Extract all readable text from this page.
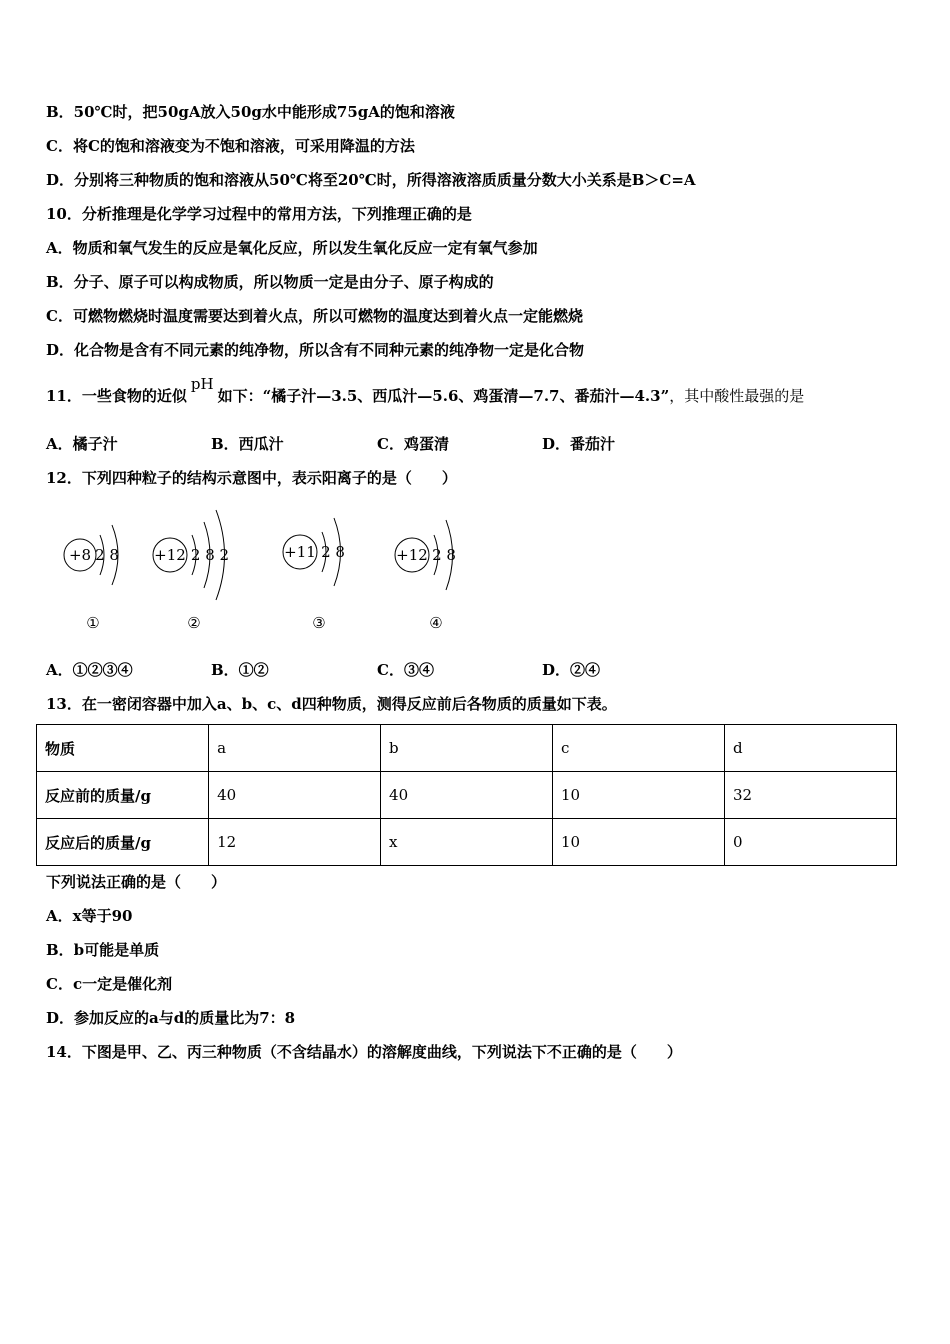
B．50℃时，把50gA放入50g水中能形成75gA的饱和溶液
C．将C的饱和溶液变为不饱和溶液，可采用降温的方法
D．分别将三种物质的饱和溶液从50℃将至20℃时，所得溶液溶质质量分数大小关系是B＞C=A
10．分析推理是化学学习过程中的常用方法，下列推理正确的是
A．物质和氧气发生的反应是氧化反应，所以发生氧化反应一定有氧气参加
B．分子、原子可以构成物质，所以物质一定是由分子、原子构成的
C．可燃物燃烧时温度需要达到着火点，所以可燃物的温度达到着火点一定能燃烧
D．化合物是含有不同元素的纯净物，所以含有不同种元素的纯净物一定是化合物
11．一些食物的近似pH如下：“橘子汁—3.5、西瓜汁—5.6、鸡蛋清—7.7、番茄汁—4.3”，其中酸性最强的是
A．橘子汁	B．西瓜汁	C．鸡蛋清	D．番茄汁
12．下列四种粒子的结构示意图中，表示阳离子的是（　　）
+8 2 8 +12 2 8 2	+11 2 8	+12 2 8
①	②	③	④
A．①②③④	B．①②	C．③④	D．②④
13．在一密闭容器中加入a、b、c、d四种物质，测得反应前后各物质的质量如下表。
物质	a	b	c	d
反应前的质量/g	40	40	10	32
反应后的质量/g	12	x	10	0
下列说法正确的是（　　）
A．x等于90
B．b可能是单质
C．c一定是催化剂
D．参加反应的a与d的质量比为7：8
14．下图是甲、乙、丙三种物质（不含结晶水）的溶解度曲线，下列说法下不正确的是（　　）
